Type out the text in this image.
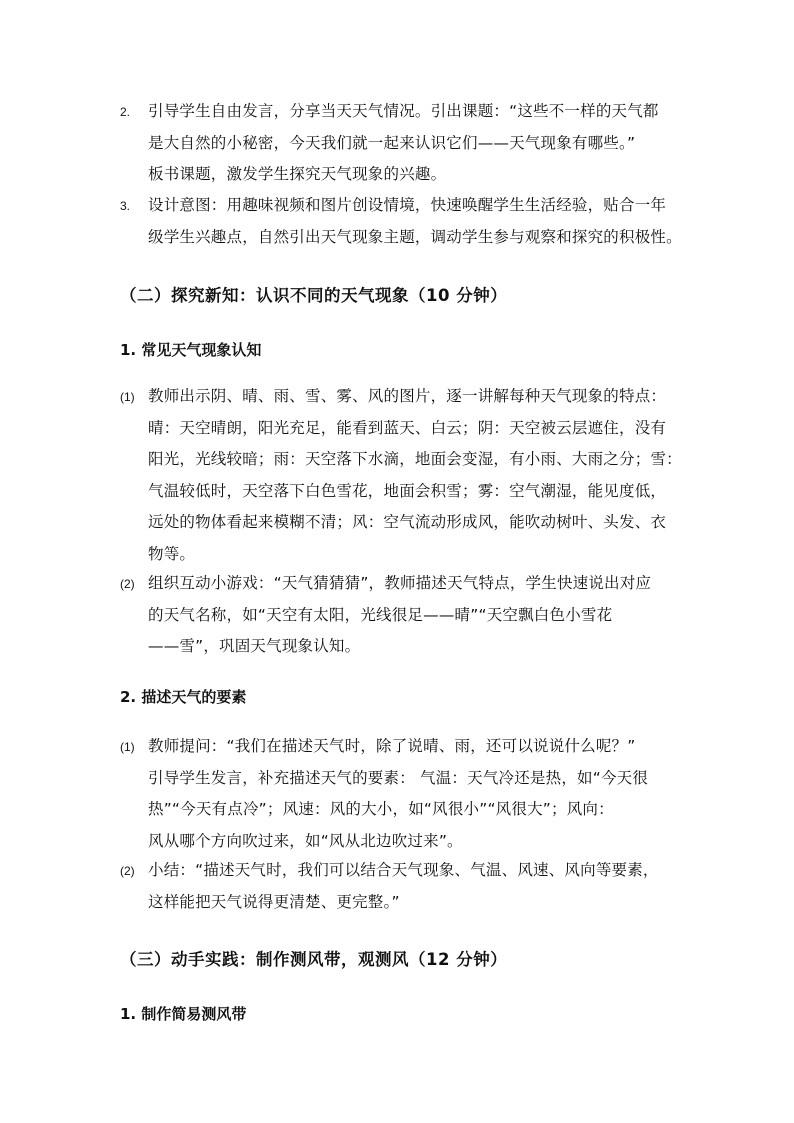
2. 引导学生自由发言，分享当天天气情况。引出课题：“这些不一样的天气都
是大自然的小秘密，今天我们就一起来认识它们——天气现象有哪些。”
板书课题，激发学生探究天气现象的兴趣。
3. 设计意图：用趣味视频和图片创设情境，快速唤醒学生生活经验，贴合一年
级学生兴趣点，自然引出天气现象主题，调动学生参与观察和探究的积极性。
（二）探究新知：认识不同的天气现象（10 分钟）
1. 常见天气现象认知
(1) 教师出示阴、晴、雨、雪、雾、风的图片，逐一讲解每种天气现象的特点：
晴：天空晴朗，阳光充足，能看到蓝天、白云；阴：天空被云层遮住，没有
阳光，光线较暗；雨：天空落下水滴，地面会变湿，有小雨、大雨之分；雪：
气温较低时，天空落下白色雪花，地面会积雪；雾：空气潮湿，能见度低，
远处的物体看起来模糊不清；风：空气流动形成风，能吹动树叶、头发、衣
物等。
(2) 组织互动小游戏：“天气猜猜猜”，教师描述天气特点，学生快速说出对应
的天气名称，如“天空有太阳，光线很足——晴”“天空飘白色小雪花
——雪”，巩固天气现象认知。
2. 描述天气的要素
(1) 教师提问：“我们在描述天气时，除了说晴、雨，还可以说说什么呢？”
引导学生发言，补充描述天气的要素： 气温：天气冷还是热，如“今天很
热”“今天有点冷”；风速：风的大小，如“风很小”“风很大”；风向：
风从哪个方向吹过来，如“风从北边吹过来”。
(2) 小结：“描述天气时，我们可以结合天气现象、气温、风速、风向等要素，
这样能把天气说得更清楚、更完整。”
（三）动手实践：制作测风带，观测风（12 分钟）
1. 制作简易测风带
